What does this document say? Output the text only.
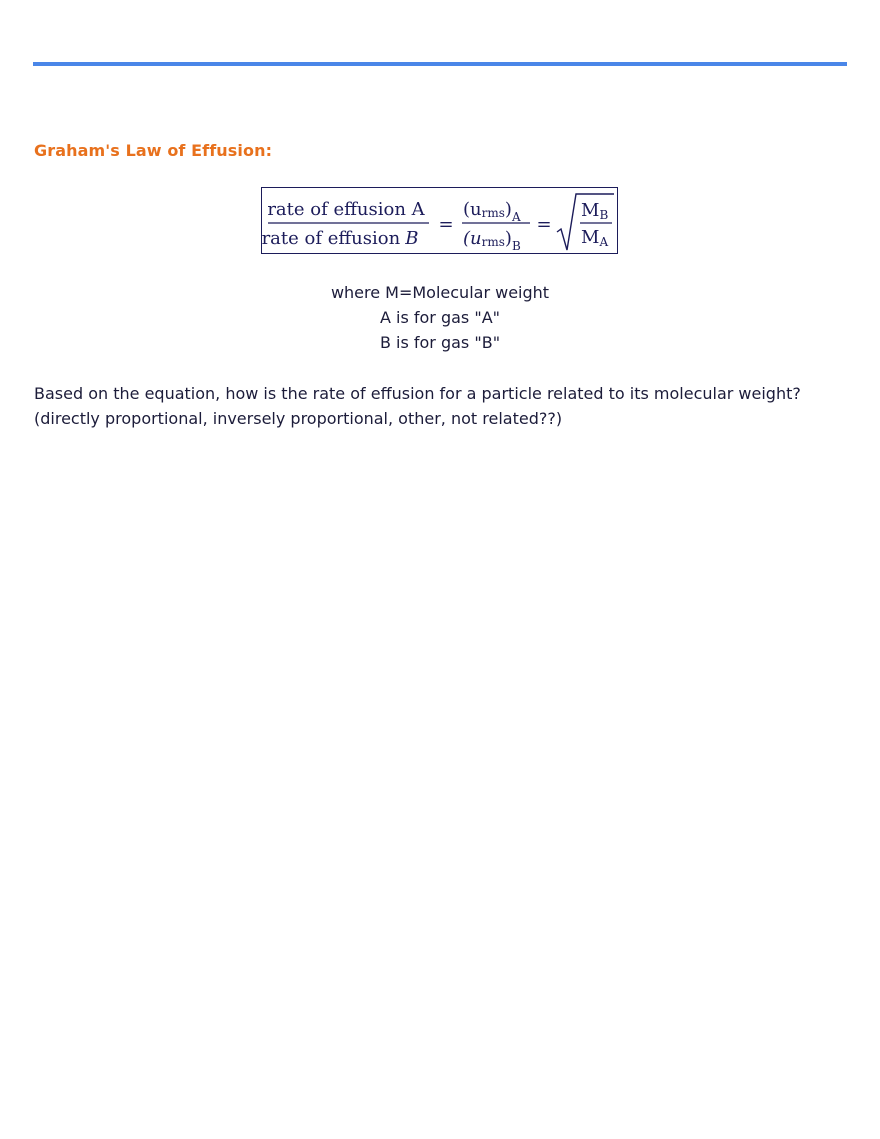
Graham's Law of Effusion:
rate of effusion A
rate of effusion B
=
$(urms)_A$
$(urms)_B$
=
MB
MA
where M=Molecular weight
A is for gas "A"
B is for gas "B"
Based on the equation, how is the rate of effusion for a particle related to its molecular weight?
(directly proportional, inversely proportional, other, not related??)
